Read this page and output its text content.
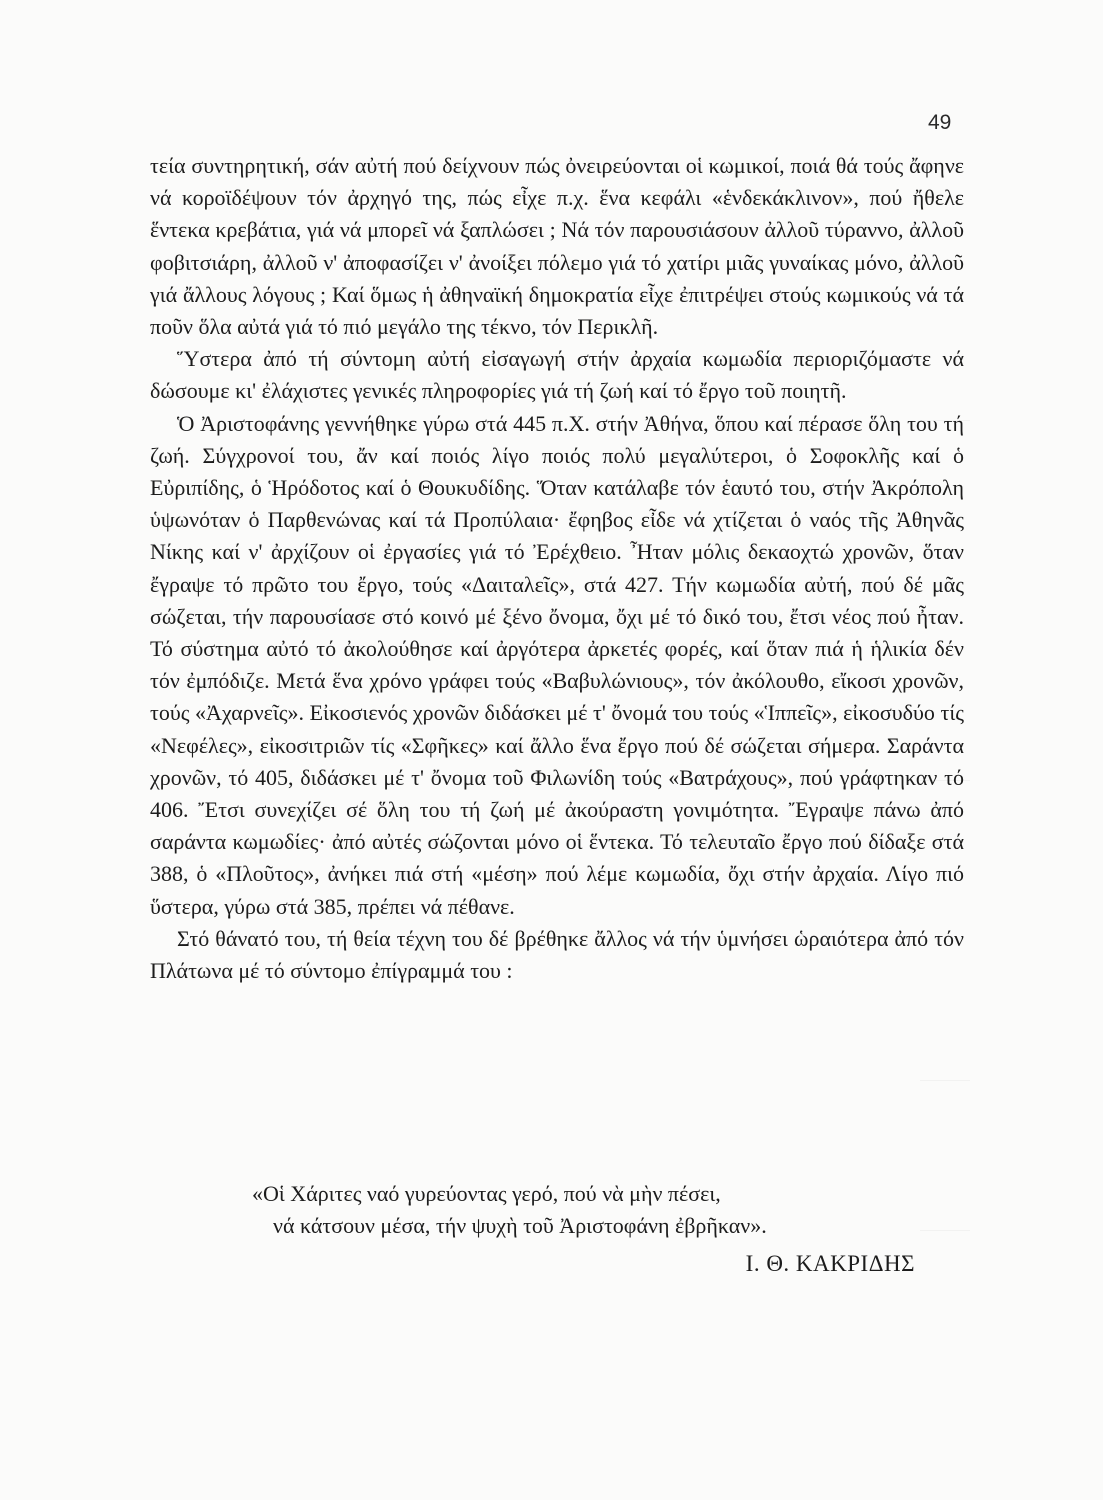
49

τεία συντηρητική, σάν αὐτή πού δείχνουν πώς ὀνειρεύονται οἱ κωμικοί, ποιά θά τούς ἄφηνε νά κοροϊδέψουν τόν ἀρχηγό της, πώς εἶχε π.χ. ἕνα κεφάλι «ἑνδεκάκλινον», πού ἤθελε ἕντεκα κρεβάτια, γιά νά μπορεῖ νά ξαπλώσει ; Νά τόν παρουσιάσουν ἀλλοῦ τύραννο, ἀλλοῦ φοβιτσιάρη, ἀλλοῦ ν' ἀποφασίζει ν' ἀνοίξει πόλεμο γιά τό χατίρι μιᾶς γυναίκας μόνο, ἀλλοῦ γιά ἄλλους λόγους ; Καί ὅμως ἡ ἀθηναϊκή δημοκρατία εἶχε ἐπιτρέψει στούς κωμικούς νά τά ποῦν ὅλα αὐτά γιά τό πιό μεγάλο της τέκνο, τόν Περικλῆ.

Ὕστερα ἀπό τή σύντομη αὐτή εἰσαγωγή στήν ἀρχαία κωμωδία περιοριζόμαστε νά δώσουμε κι' ἐλάχιστες γενικές πληροφορίες γιά τή ζωή καί τό ἔργο τοῦ ποιητῆ.

Ὁ Ἀριστοφάνης γεννήθηκε γύρω στά 445 π.Χ. στήν Ἀθήνα, ὅπου καί πέρασε ὅλη του τή ζωή. Σύγχρονοί του, ἄν καί ποιός λίγο ποιός πολύ μεγαλύτεροι, ὁ Σοφοκλῆς καί ὁ Εὐριπίδης, ὁ Ἡρόδοτος καί ὁ Θουκυδίδης. Ὅταν κατάλαβε τόν ἑαυτό του, στήν Ἀκρόπολη ὑψωνόταν ὁ Παρθενώνας καί τά Προπύλαια· ἔφηβος εἶδε νά χτίζεται ὁ ναός τῆς Ἀθηνᾶς Νίκης καί ν' ἀρχίζουν οἱ ἐργασίες γιά τό Ἐρέχθειο. Ἦταν μόλις δεκαοχτώ χρονῶν, ὅταν ἔγραψε τό πρῶτο του ἔργο, τούς «Δαιταλεῖς», στά 427. Τήν κωμωδία αὐτή, πού δέ μᾶς σώζεται, τήν παρουσίασε στό κοινό μέ ξένο ὄνομα, ὄχι μέ τό δικό του, ἔτσι νέος πού ἦταν. Τό σύστημα αὐτό τό ἀκολούθησε καί ἀργότερα ἀρκετές φορές, καί ὅταν πιά ἡ ἡλικία δέν τόν ἐμπόδιζε. Μετά ἕνα χρόνο γράφει τούς «Βαβυλώνιους», τόν ἀκόλουθο, εἴκοσι χρονῶν, τούς «Ἀχαρνεῖς». Εἰκοσιενός χρονῶν διδάσκει μέ τ' ὄνομά του τούς «Ἱππεῖς», εἰκοσυδύο τίς «Νεφέλες», εἰκοσιτριῶν τίς «Σφῆκες» καί ἄλλο ἕνα ἔργο πού δέ σώζεται σήμερα. Σαράντα χρονῶν, τό 405, διδάσκει μέ τ' ὄνομα τοῦ Φιλωνίδη τούς «Βατράχους», πού γράφτηκαν τό 406. Ἔτσι συνεχίζει σέ ὅλη του τή ζωή μέ ἀκούραστη γονιμότητα. Ἔγραψε πάνω ἀπό σαράντα κωμωδίες· ἀπό αὐτές σώζονται μόνο οἱ ἕντεκα. Τό τελευταῖο ἔργο πού δίδαξε στά 388, ὁ «Πλοῦτος», ἀνήκει πιά στή «μέση» πού λέμε κωμωδία, ὄχι στήν ἀρχαία. Λίγο πιό ὕστερα, γύρω στά 385, πρέπει νά πέθανε.

Στό θάνατό του, τή θεία τέχνη του δέ βρέθηκε ἄλλος νά τήν ὑμνήσει ὡραιότερα ἀπό τόν Πλάτωνα μέ τό σύντομο ἐπίγραμμά του :

«Οἱ Χάριτες ναό γυρεύοντας γερό, πού νὰ μὴν πέσει,
νά κάτσουν μέσα, τήν ψυχὴ τοῦ Ἀριστοφάνη ἐβρῆκαν».
Ι. Θ. ΚΑΚΡΙΔΗΣ
